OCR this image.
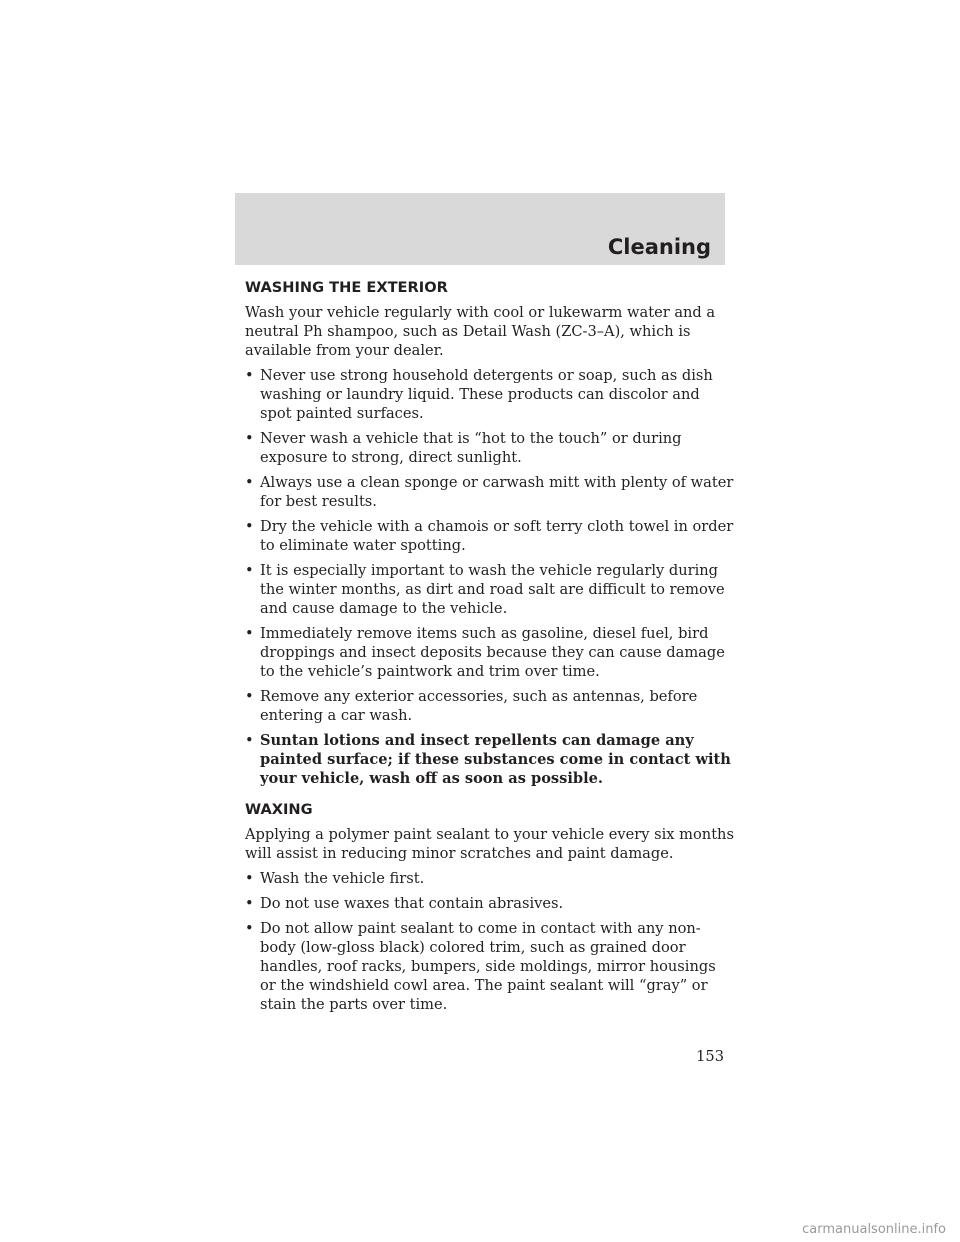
Cleaning
WASHING THE EXTERIOR

Wash your vehicle regularly with cool or lukewarm water and a neutral Ph shampoo, such as Detail Wash (ZC-3–A), which is available from your dealer.

• Never use strong household detergents or soap, such as dish washing or laundry liquid. These products can discolor and spot painted surfaces.
• Never wash a vehicle that is “hot to the touch” or during exposure to strong, direct sunlight.
• Always use a clean sponge or carwash mitt with plenty of water for best results.
• Dry the vehicle with a chamois or soft terry cloth towel in order to eliminate water spotting.
• It is especially important to wash the vehicle regularly during the winter months, as dirt and road salt are difficult to remove and cause damage to the vehicle.
• Immediately remove items such as gasoline, diesel fuel, bird droppings and insect deposits because they can cause damage to the vehicle’s paintwork and trim over time.
• Remove any exterior accessories, such as antennas, before entering a car wash.
• Suntan lotions and insect repellents can damage any painted surface; if these substances come in contact with your vehicle, wash off as soon as possible.
WAXING

Applying a polymer paint sealant to your vehicle every six months will assist in reducing minor scratches and paint damage.

• Wash the vehicle first.
• Do not use waxes that contain abrasives.
• Do not allow paint sealant to come in contact with any non-body (low-gloss black) colored trim, such as grained door handles, roof racks, bumpers, side moldings, mirror housings or the windshield cowl area. The paint sealant will “gray” or stain the parts over time.
153
carmanualsonline.info
